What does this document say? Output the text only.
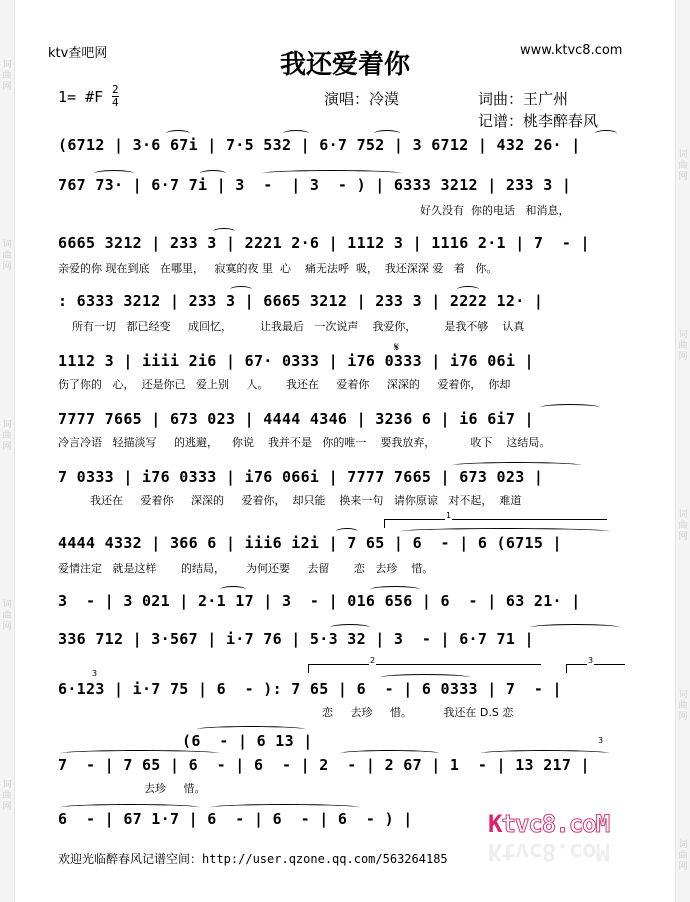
词曲网
词曲网
词曲网
词曲网
词曲网
词曲网
词曲网
词曲网
词曲网
词曲网
ktv查吧网	我还爱着你	www.ktvc8.com
1= #F 2
4	演唱：冷漠	词曲：王广州
记谱：桃李醉春风
(6712 | 3·6 67i | 7·5 532 | 6·7 752 | 3 6712 | 432 26· |
767 73· | 6·7 7i | 3  -  | 3  - ) | 6333 3212 | 233 3 |
好久没有  你的电话   和消息，
6665 3212 | 233 3 | 2221 2·6 | 1112 3 | 1116 2·1 | 7  - |
亲爱的你 现在到底   在哪里，   寂寞的夜 里  心    痛无法呼  吸，  我还深深 爱   着   你。
: 6333 3212 | 233 3 | 6665 3212 | 233 3 | 2222 12· |
所有一切   都已经变     成回忆，        让我最后   一次说声    我爱你，        是我不够    认真
1112 3 | iiii 2i6 | 67· 0333 | i76 0333 | i76 06i |
伤了你的   心，  还是你已   爱上别     人。     我还在     爱着你     深深的     爱着你，  你却
𝄋
7777 7665 | 673 023 | 4444 4346 | 3236 6 | i6 6i7 |
冷言冷语   轻描淡写     的逃避，    你说    我并不是   你的唯一    要我放弃，          收下    这结局。
7 0333 | i76 0333 | i76 066i | 7777 7665 | 673 023 |
我还在     爱着你     深深的     爱着你，  却只能    换来一句   请你原谅   对不起，  难道
1
4444 4332 | 366 6 | iii6 i2i | 7 65 | 6  - | 6 (6715 |
爱情注定   就是这样       的结局，      为何还要     去留       恋   去珍    惜。
3  - | 3 021 | 2·1 17 | 3  - | 016 656 | 6  - | 63 21· |
336 712 | 3·567 | i·7 76 | 5·3 32 | 3  - | 6·7 71 |
2	3
3
6·123 | i·7 75 | 6  - ): 7 65 | 6  - | 6 0333 | 7  - |
恋     去珍     惜。         我还在 D.S 恋
(6  - | 6 13 |	3
7  - | 7 65 | 6  - | 6  - | 2  - | 2 67 | 1  - | 13 217 |
去珍     惜。
6  - | 67 1·7 | 6  - | 6  - | 6  - ) |
欢迎光临醉春风记谱空间：http://user.qzone.qq.com/563264185
Ktvc8.coM
Ktvc8.coM
